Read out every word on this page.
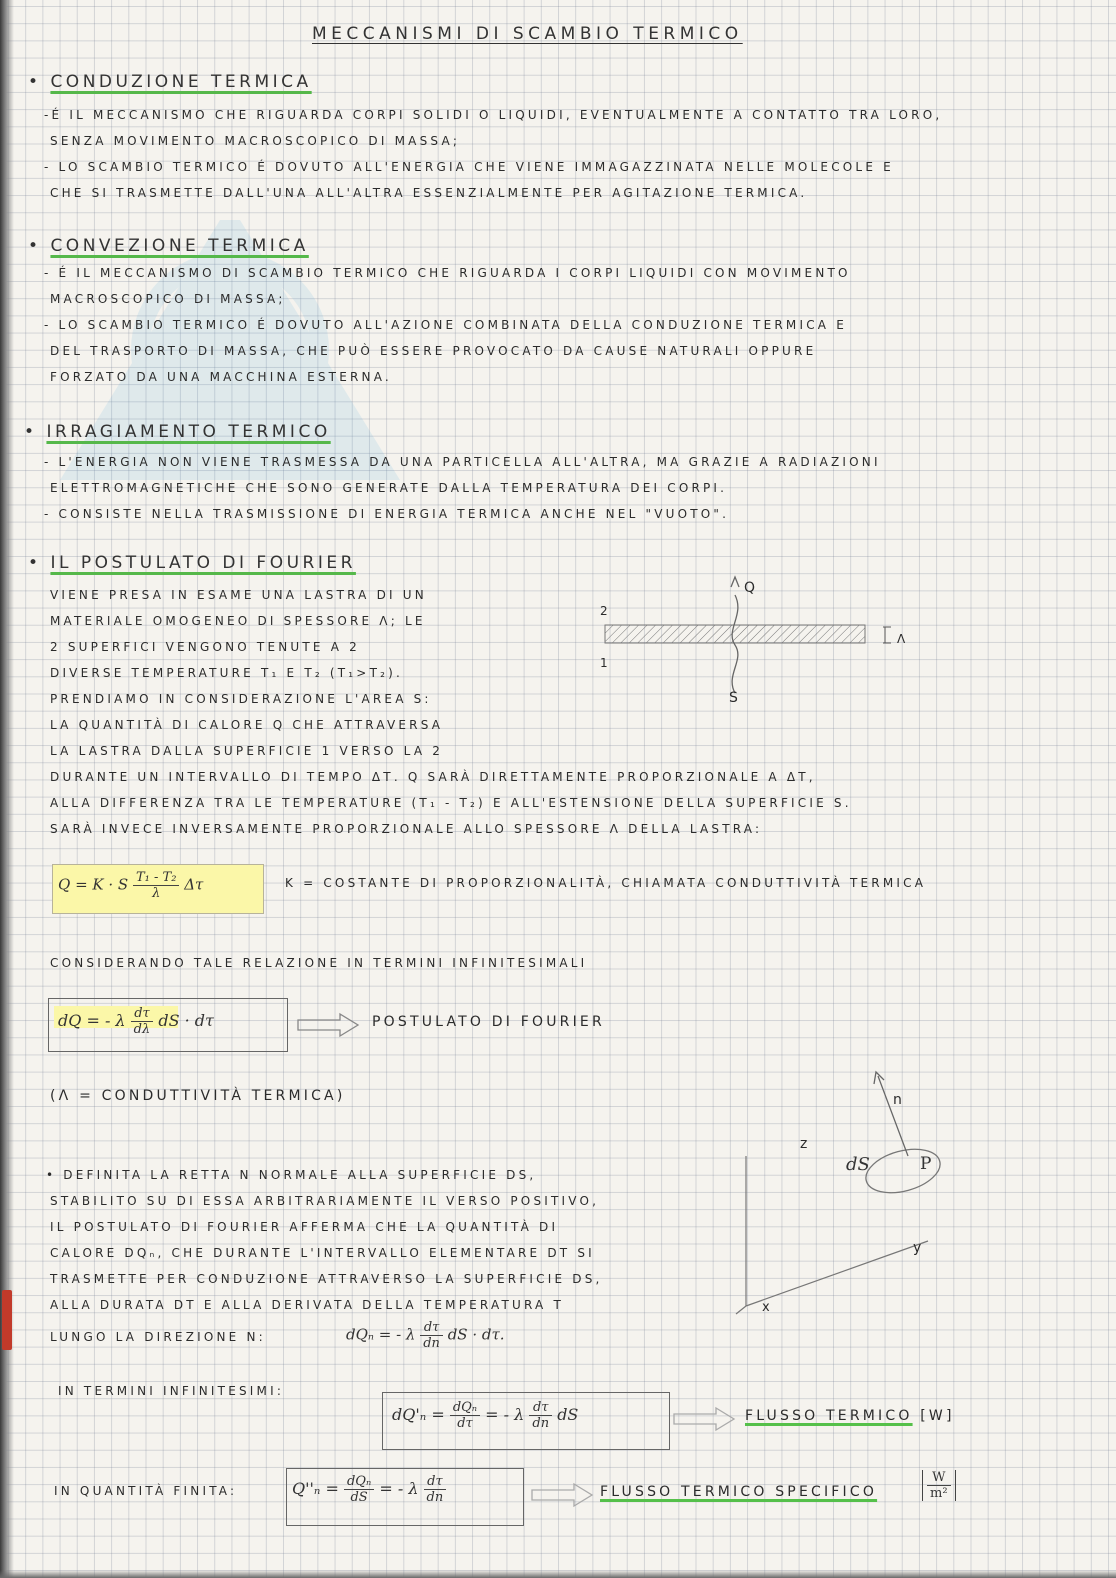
MECCANISMI DI SCAMBIO TERMICO
• CONDUZIONE TERMICA
-É IL MECCANISMO CHE RIGUARDA CORPI SOLIDI O LIQUIDI, EVENTUALMENTE A CONTATTO TRA LORO,
SENZA MOVIMENTO MACROSCOPICO DI MASSA;
- LO SCAMBIO TERMICO É DOVUTO ALL'ENERGIA CHE VIENE IMMAGAZZINATA NELLE MOLECOLE E
CHE SI TRASMETTE DALL'UNA ALL'ALTRA ESSENZIALMENTE PER AGITAZIONE TERMICA.
• CONVEZIONE TERMICA
- É IL MECCANISMO DI SCAMBIO TERMICO CHE RIGUARDA I CORPI LIQUIDI CON MOVIMENTO
MACROSCOPICO DI MASSA;
- LO SCAMBIO TERMICO É DOVUTO ALL'AZIONE COMBINATA DELLA CONDUZIONE TERMICA E
DEL TRASPORTO DI MASSA, CHE PUÒ ESSERE PROVOCATO DA CAUSE NATURALI OPPURE
FORZATO DA UNA MACCHINA ESTERNA.
• IRRAGIAMENTO TERMICO
- L'ENERGIA NON VIENE TRASMESSA DA UNA PARTICELLA ALL'ALTRA, MA GRAZIE A RADIAZIONI
ELETTROMAGNETICHE CHE SONO GENERATE DALLA TEMPERATURA DEI CORPI.
- CONSISTE NELLA TRASMISSIONE DI ENERGIA TERMICA ANCHE NEL "VUOTO".
• IL POSTULATO DI FOURIER
VIENE PRESA IN ESAME UNA LASTRA DI UN
MATERIALE OMOGENEO DI SPESSORE Λ; LE
2 SUPERFICI VENGONO TENUTE A 2
DIVERSE TEMPERATURE T₁ E T₂ (T₁>T₂).
PRENDIAMO IN CONSIDERAZIONE L'AREA S:
LA QUANTITÀ DI CALORE Q CHE ATTRAVERSA
LA LASTRA DALLA SUPERFICIE 1 VERSO LA 2
Q
S
2
1
Λ
DURANTE UN INTERVALLO DI TEMPO ΔΤ. Q SARÀ DIRETTAMENTE PROPORZIONALE A ΔΤ,
ALLA DIFFERENZA TRA LE TEMPERATURE (T₁ - T₂) E ALL'ESTENSIONE DELLA SUPERFICIE S.
SARÀ INVECE INVERSAMENTE PROPORZIONALE ALLO SPESSORE Λ DELLA LASTRA:
Q = K · S $\frac{\text{T₁ - T₂}}{\lambda}$ Δτ	K = COSTANTE DI PROPORZIONALITÀ, CHIAMATA CONDUTTIVITÀ TERMICA
CONSIDERANDO TALE RELAZIONE IN TERMINI INFINITESIMALI
dQ = - λ $\frac{d\tau}{d\lambda}$ dS · dτ	POSTULATO DI FOURIER
(Λ = CONDUTTIVITÀ TERMICA)	n
z
y
x
dS	P
• DEFINITA LA RETTA N NORMALE ALLA SUPERFICIE DS,
STABILITO SU DI ESSA ARBITRARIAMENTE IL VERSO POSITIVO,
IL POSTULATO DI FOURIER AFFERMA CHE LA QUANTITÀ DI
CALORE DQₙ, CHE DURANTE L'INTERVALLO ELEMENTARE DΤ SI
TRASMETTE PER CONDUZIONE ATTRAVERSO LA SUPERFICIE DS,
ALLA DURATA DΤ E ALLA DERIVATA DELLA TEMPERATURA T
LUNGO LA DIREZIONE N:	dQₙ = - λ $\frac{d\tau}{dn}$ dS · dτ.
IN TERMINI INFINITESIMI:
$dQ'_n = \frac{\text{dQₙ}}{d\tau}$ = - λ $\frac{d\tau}{dn}$ dS	FLUSSO TERMICO [W]
IN QUANTITÀ FINITA:	$Q''_n = \frac{\text{dQₙ}}{dS}$ = - λ $\frac{d\tau}{dn}$	FLUSSO TERMICO SPECIFICO	$\frac{W}{\text{m²}}$
